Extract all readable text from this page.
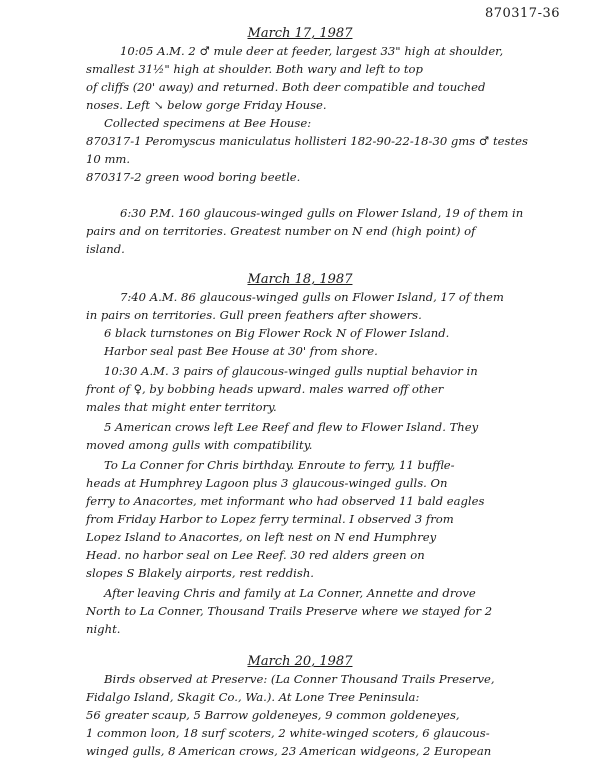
870317-36
March 17, 1987
10:05 A.M. 2 ♂ mule deer at feeder, largest 33" high at shoulder,
smallest 31½" high at shoulder. Both wary and left to top
of cliffs (20' away) and returned. Both deer compatible and touched
noses. Left ↘ below gorge Friday House.
Collected specimens at Bee House:
870317-1 Peromyscus maniculatus hollisteri 182-90-22-18-30 gms ♂ testes
10 mm.
870317-2 green wood boring beetle.
6:30 P.M. 160 glaucous-winged gulls on Flower Island, 19 of them in
pairs and on territories. Greatest number on N end (high point) of
island.
March 18, 1987
7:40 A.M. 86 glaucous-winged gulls on Flower Island, 17 of them
in pairs on territories. Gull preen feathers after showers.
6 black turnstones on Big Flower Rock N of Flower Island.
Harbor seal past Bee House at 30' from shore.
10:30 A.M. 3 pairs of glaucous-winged gulls nuptial behavior in
front of ♀, by bobbing heads upward. males warred off other
males that might enter territory.
5 American crows left Lee Reef and flew to Flower Island. They
moved among gulls with compatibility.
To La Conner for Chris birthday. Enroute to ferry, 11 buffle-
heads at Humphrey Lagoon plus 3 glaucous-winged gulls. On
ferry to Anacortes, met informant who had observed 11 bald eagles
from Friday Harbor to Lopez ferry terminal. I observed 3 from
Lopez Island to Anacortes, on left nest on N end Humphrey
Head. no harbor seal on Lee Reef. 30 red alders green on
slopes S Blakely airports, rest reddish.
After leaving Chris and family at La Conner, Annette and drove
North to La Conner, Thousand Trails Preserve where we stayed for 2
night.
March 20, 1987
Birds observed at Preserve: (La Conner Thousand Trails Preserve,
Fidalgo Island, Skagit Co., Wa.). At Lone Tree Peninsula:
56 greater scaup, 5 Barrow goldeneyes, 9 common goldeneyes,
1 common loon, 18 surf scoters, 2 white-winged scoters, 6 glaucous-
winged gulls, 8 American crows, 23 American widgeons, 2 European
